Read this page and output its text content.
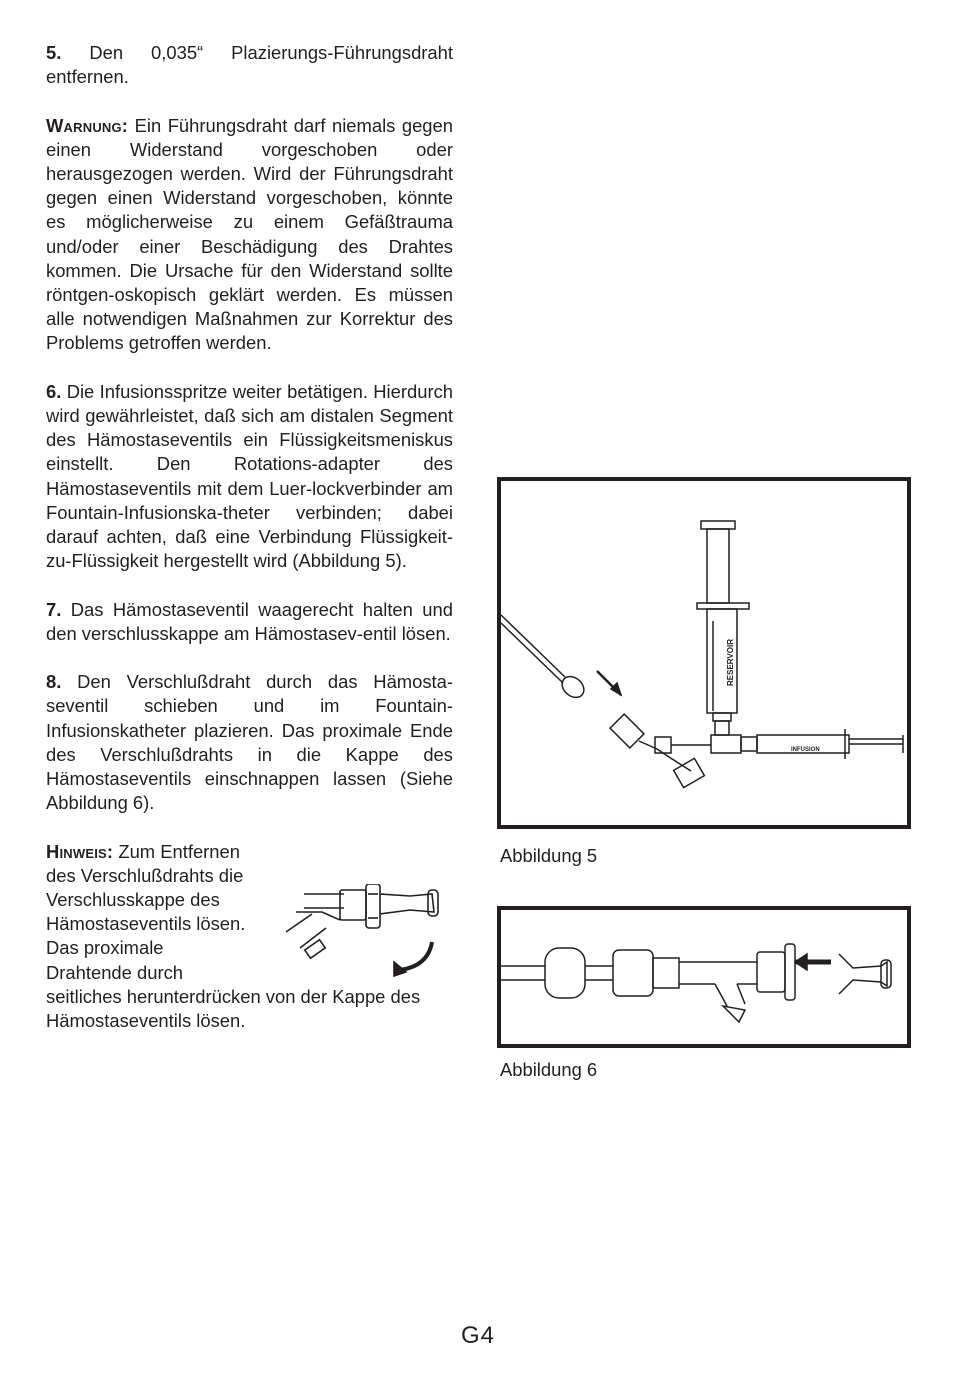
5. Den 0,035“ Plazierungs-Führungsdraht entfernen.

Warnung: Ein Führungsdraht darf niemals gegen einen Widerstand vorgeschoben oder herausgezogen werden. Wird der Führungsdraht gegen einen Widerstand vorgeschoben, könnte es möglicherweise zu einem Gefäßtrauma und/oder einer Beschädigung des Drahtes kommen. Die Ursache für den Widerstand sollte röntgen-oskopisch geklärt werden. Es müssen alle notwendigen Maßnahmen zur Korrektur des Problems getroffen werden.

6. Die Infusionsspritze weiter betätigen. Hierdurch wird gewährleistet, daß sich am distalen Segment des Hämostaseventils ein Flüssigkeitsmeniskus einstellt. Den Rotations-adapter des Hämostaseventils mit dem Luer-lockverbinder am Fountain-Infusionska-theter verbinden; dabei darauf achten, daß eine Verbindung Flüssigkeit-zu-Flüssigkeit hergestellt wird (Abbildung 5).

7. Das Hämostaseventil waagerecht halten und den verschlusskappe am Hämostasev-entil lösen.

8. Den Verschlußdraht durch das Hämosta-seventil schieben und im Fountain-Infusionskatheter plazieren. Das proximale Ende des Verschlußdrahts in die Kappe des Hämostaseventils einschnappen lassen (Siehe Abbildung 6).

Hinweis: Zum Entfernen des Verschlußdrahts die Verschlusskappe des Hämostaseventils lösen. Das proximale Drahtende durch
seitliches herunterdrücken von der Kappe des Hämostaseventils lösen.
RESERVOIR
INFUSION
Abbildung 5
Abbildung 6
G4
